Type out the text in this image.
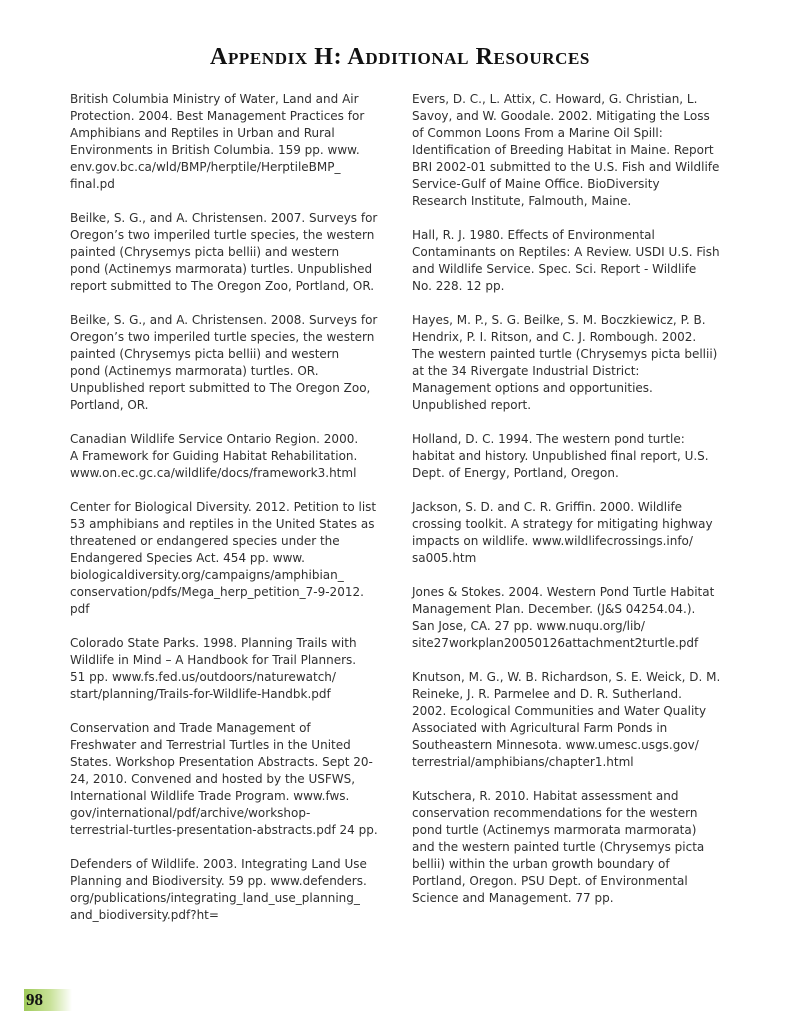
Appendix H: Additional Resources

British Columbia Ministry of Water, Land and Air
Protection. 2004. Best Management Practices for
Amphibians and Reptiles in Urban and Rural
Environments in British Columbia. 159 pp. www.
env.gov.bc.ca/wld/BMP/herptile/HerptileBMP_
final.pd

Beilke, S. G., and A. Christensen. 2007. Surveys for
Oregon’s two imperiled turtle species, the western
painted (Chrysemys picta bellii) and western
pond (Actinemys marmorata) turtles. Unpublished
report submitted to The Oregon Zoo, Portland, OR.

Beilke, S. G., and A. Christensen. 2008. Surveys for
Oregon’s two imperiled turtle species, the western
painted (Chrysemys picta bellii) and western
pond (Actinemys marmorata) turtles. OR.
Unpublished report submitted to The Oregon Zoo,
Portland, OR.

Canadian Wildlife Service Ontario Region. 2000.
A Framework for Guiding Habitat Rehabilitation.
www.on.ec.gc.ca/wildlife/docs/framework3.html

Center for Biological Diversity. 2012. Petition to list
53 amphibians and reptiles in the United States as
threatened or endangered species under the
Endangered Species Act. 454 pp. www.
biologicaldiversity.org/campaigns/amphibian_
conservation/pdfs/Mega_herp_petition_7-9-2012.
pdf

Colorado State Parks. 1998. Planning Trails with
Wildlife in Mind – A Handbook for Trail Planners.
51 pp. www.fs.fed.us/outdoors/naturewatch/
start/planning/Trails-for-Wildlife-Handbk.pdf

Conservation and Trade Management of
Freshwater and Terrestrial Turtles in the United
States. Workshop Presentation Abstracts. Sept 20-
24, 2010. Convened and hosted by the USFWS,
International Wildlife Trade Program. www.fws.
gov/international/pdf/archive/workshop-
terrestrial-turtles-presentation-abstracts.pdf 24 pp.

Defenders of Wildlife. 2003. Integrating Land Use
Planning and Biodiversity. 59 pp. www.defenders.
org/publications/integrating_land_use_planning_
and_biodiversity.pdf?ht=

Evers, D. C., L. Attix, C. Howard, G. Christian, L.
Savoy, and W. Goodale. 2002. Mitigating the Loss
of Common Loons From a Marine Oil Spill:
Identification of Breeding Habitat in Maine. Report
BRI 2002-01 submitted to the U.S. Fish and Wildlife
Service-Gulf of Maine Office. BioDiversity
Research Institute, Falmouth, Maine.

Hall, R. J. 1980. Effects of Environmental
Contaminants on Reptiles: A Review. USDI U.S. Fish
and Wildlife Service. Spec. Sci. Report - Wildlife
No. 228. 12 pp.

Hayes, M. P., S. G. Beilke, S. M. Boczkiewicz, P. B.
Hendrix, P. I. Ritson, and C. J. Rombough. 2002.
The western painted turtle (Chrysemys picta bellii)
at the 34 Rivergate Industrial District:
Management options and opportunities.
Unpublished report.

Holland, D. C. 1994. The western pond turtle:
habitat and history. Unpublished final report, U.S.
Dept. of Energy, Portland, Oregon.

Jackson, S. D. and C. R. Griffin. 2000. Wildlife
crossing toolkit. A strategy for mitigating highway
impacts on wildlife. www.wildlifecrossings.info/
sa005.htm

Jones & Stokes. 2004. Western Pond Turtle Habitat
Management Plan. December. (J&S 04254.04.).
San Jose, CA. 27 pp. www.nuqu.org/lib/
site27workplan20050126attachment2turtle.pdf

Knutson, M. G., W. B. Richardson, S. E. Weick, D. M.
Reineke, J. R. Parmelee and D. R. Sutherland.
2002. Ecological Communities and Water Quality
Associated with Agricultural Farm Ponds in
Southeastern Minnesota. www.umesc.usgs.gov/
terrestrial/amphibians/chapter1.html

Kutschera, R. 2010. Habitat assessment and
conservation recommendations for the western
pond turtle (Actinemys marmorata marmorata)
and the western painted turtle (Chrysemys picta
bellii) within the urban growth boundary of
Portland, Oregon. PSU Dept. of Environmental
Science and Management. 77 pp.

98
